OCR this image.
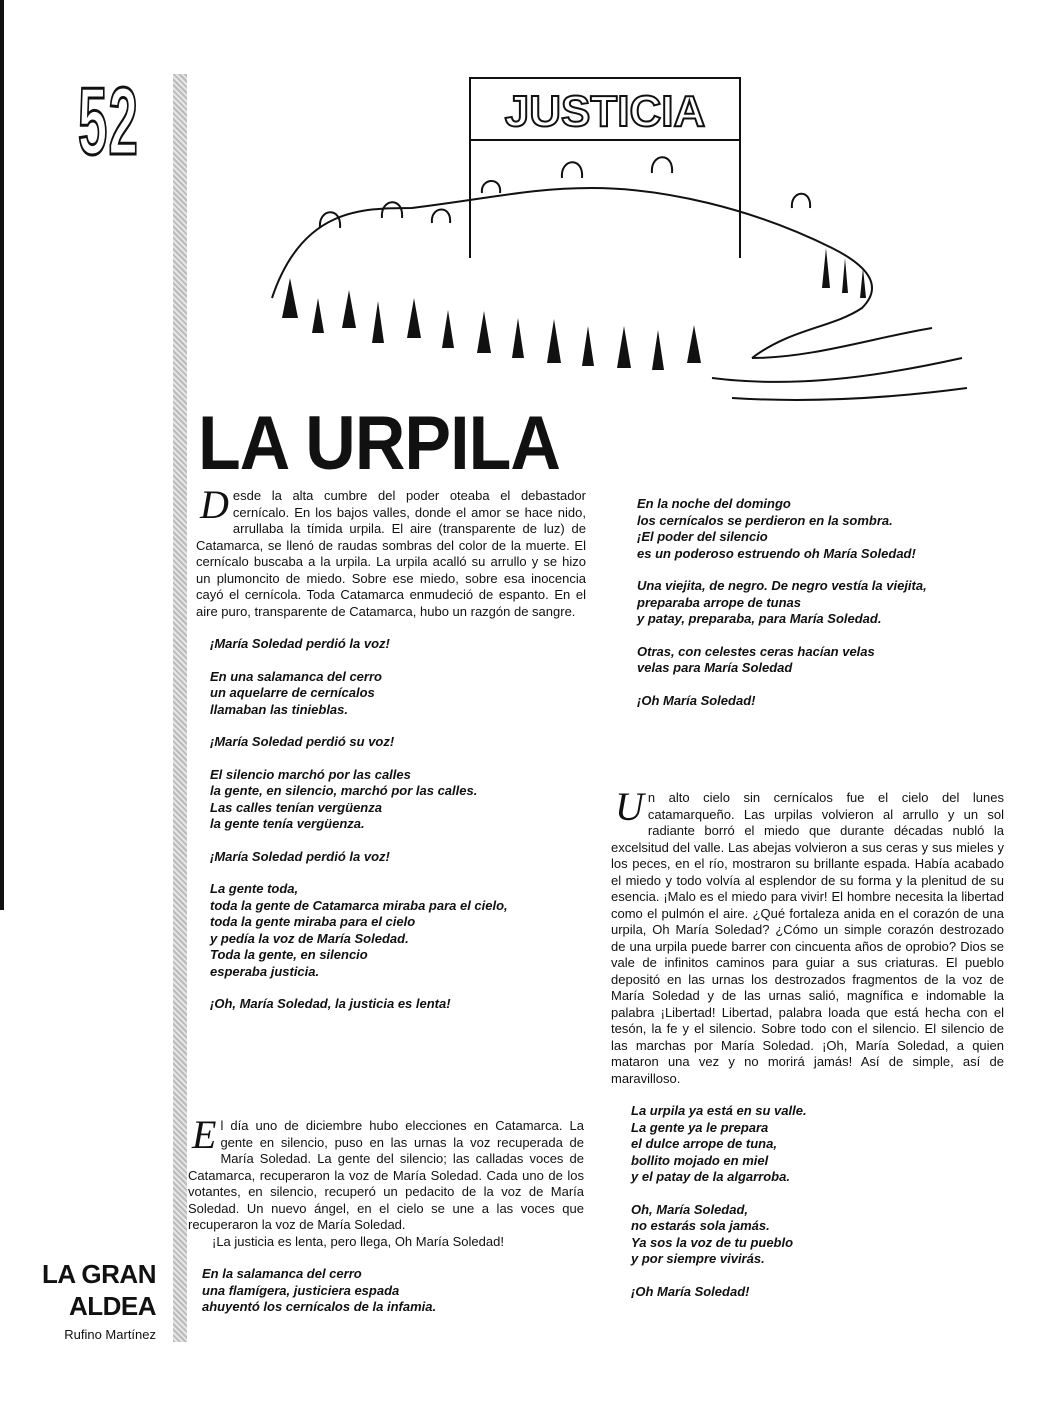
52	JUSTICIA
LA URPILA

Desde la alta cumbre del poder oteaba el debastador cernícalo. En los bajos valles, donde el amor se hace nido, arrullaba la tímida urpila. El aire (transparente de luz) de Catamarca, se llenó de raudas sombras del color de la muerte. El cernícalo buscaba a la urpila. La urpila acalló su arrullo y se hizo un plumoncito de miedo. Sobre ese miedo, sobre esa inocencia cayó el cernícola. Toda Catamarca enmudeció de espanto. En el aire puro, transparente de Catamarca, hubo un razgón de sangre.

¡María Soledad perdió la voz!

En una salamanca del cerro
un aquelarre de cernícalos
llamaban las tinieblas.

¡María Soledad perdió su voz!

El silencio marchó por las calles
la gente, en silencio, marchó por las calles.
Las calles tenían vergüenza
la gente tenía vergüenza.

¡María Soledad perdió la voz!

La gente toda,
toda la gente de Catamarca miraba para el cielo,
toda la gente miraba para el cielo
y pedía la voz de María Soledad.
Toda la gente, en silencio
esperaba justicia.

¡Oh, María Soledad, la justicia es lenta!

El día uno de diciembre hubo elecciones en Catamarca. La gente en silencio, puso en las urnas la voz recuperada de María Soledad. La gente del silencio; las calladas voces de Catamarca, recuperaron la voz de María Soledad. Cada uno de los votantes, en silencio, recuperó un pedacito de la voz de María Soledad. Un nuevo ángel, en el cielo se une a las voces que recuperaron la voz de María Soledad.

¡La justicia es lenta, pero llega, Oh María Soledad!

En la salamanca del cerro
una flamígera, justiciera espada
ahuyentó los cernícalos de la infamia.

En la noche del domingo
los cernícalos se perdieron en la sombra.
¡El poder del silencio
es un poderoso estruendo oh María Soledad!

Una viejita, de negro. De negro vestía la viejita,
preparaba arrope de tunas
y patay, preparaba, para María Soledad.

Otras, con celestes ceras hacían velas
velas para María Soledad

¡Oh María Soledad!

Un alto cielo sin cernícalos fue el cielo del lunes catamarqueño. Las urpilas volvieron al arrullo y un sol radiante borró el miedo que durante décadas nubló la excelsitud del valle. Las abejas volvieron a sus ceras y sus mieles y los peces, en el río, mostraron su brillante espada. Había acabado el miedo y todo volvía al esplendor de su forma y la plenitud de su esencia. ¡Malo es el miedo para vivir! El hombre necesita la libertad como el pulmón el aire. ¿Qué fortaleza anida en el corazón de una urpila, Oh María Soledad? ¿Cómo un simple corazón destrozado de una urpila puede barrer con cincuenta años de oprobio? Dios se vale de infinitos caminos para guiar a sus criaturas. El pueblo depositó en las urnas los destrozados fragmentos de la voz de María Soledad y de las urnas salió, magnífica e indomable la palabra ¡Libertad! Libertad, palabra loada que está hecha con el tesón, la fe y el silencio. Sobre todo con el silencio. El silencio de las marchas por María Soledad. ¡Oh, María Soledad, a quien mataron una vez y no morirá jamás! Así de simple, así de maravilloso.

La urpila ya está en su valle.
La gente ya le prepara
el dulce arrope de tuna,
bollito mojado en miel
y el patay de la algarroba.

Oh, María Soledad,
no estarás sola jamás.
Ya sos la voz de tu pueblo
y por siempre vivirás.

¡Oh María Soledad!

LA GRAN
ALDEA
Rufino Martínez
